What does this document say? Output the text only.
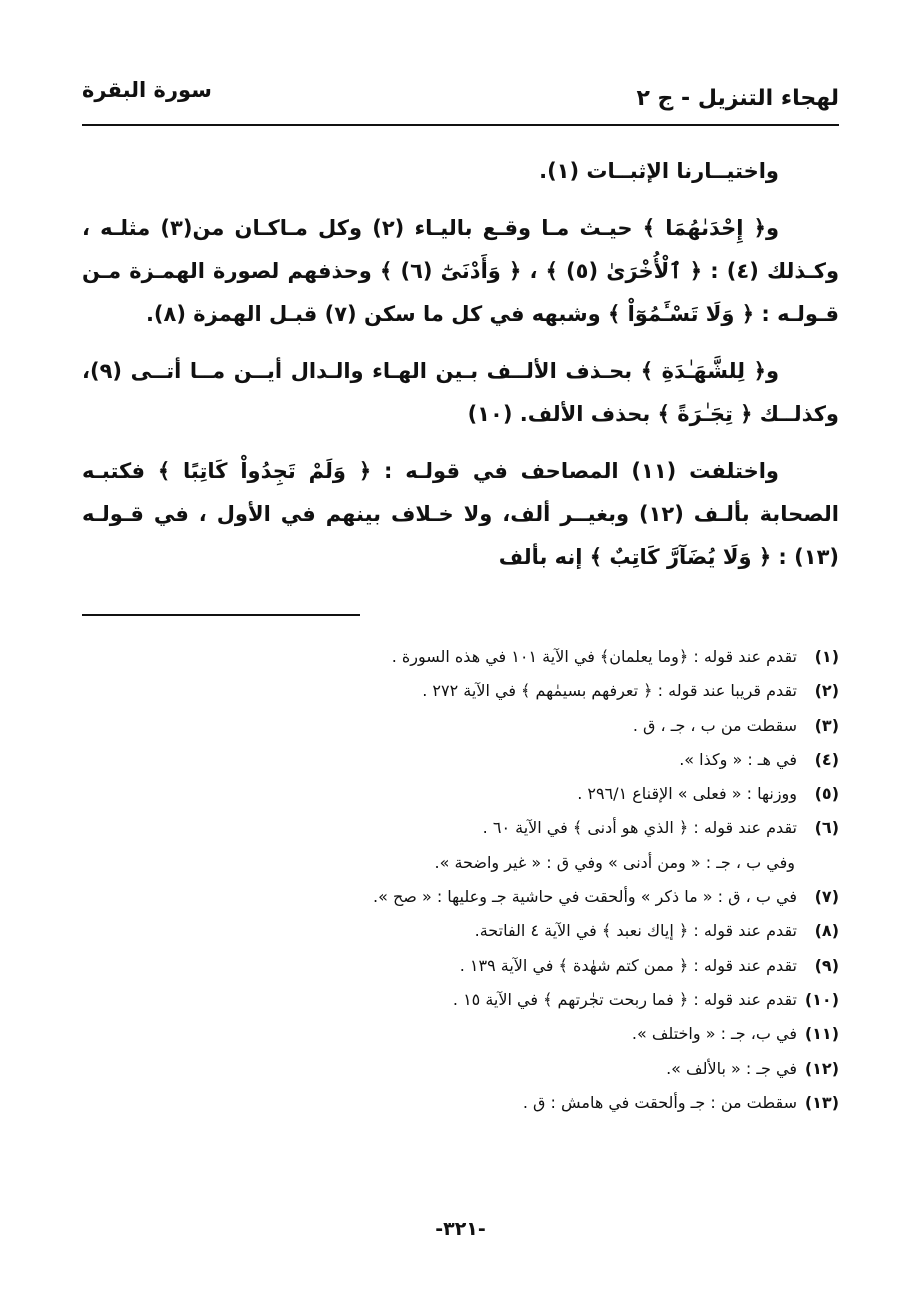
لهجاء التنزيل - ج ٢
سورة البقرة

واختيــارنا الإثبــات (١).

و﴿ إِحْدَىٰهُمَا ﴾ حيـث مـا وقـع باليـاء (٢) وكل مـاكـان من(٣) مثلـه ، وكـذلك (٤) : ﴿ ٱلْأُخْرَىٰ (٥) ﴾ ، ﴿ وَأَدْنَىٰٓ (٦) ﴾ وحذفهم لصورة الهمـزة مـن قـولـه : ﴿ وَلَا تَسْـَٔمُوٓاْ ﴾ وشبهه في كل ما سكن (٧) قبـل الهمزة (٨).

و﴿ لِلشَّهَـٰدَةِ ﴾ بحـذف الألــف بـين الهـاء والـدال أيــن مــا أتــى (٩)، وكذلــك ﴿ تِجَـٰرَةً ﴾ بحذف الألف. (١٠)

واختلفت (١١) المصاحف في قولـه : ﴿ وَلَمْ تَجِدُواْ كَاتِبًا ﴾ فكتبـه الصحابة بألـف (١٢) وبغيــر ألف، ولا خـلاف بينهم في الأول ، في قـولـه (١٣) : ﴿ وَلَا يُضَآرَّ كَاتِبٌ ﴾ إنه بألف

(١)تقدم عند قوله : ﴿وما يعلمان﴾ في الآية ١٠١ في هذه السورة .
(٢)تقدم قريبا عند قوله : ﴿ تعرفهم بسيمٰهم ﴾ في الآية ٢٧٢ .
(٣)سقطت من ب ، جـ ، ق .
(٤)في هـ : « وكذا ».
(٥)ووزنها : « فعلى » الإقناع ٢٩٦/١ .
(٦)تقدم عند قوله : ﴿ الذي هو أدنى ﴾ في الآية ٦٠ .
وفي ب ، جـ : « ومن أدنى » وفي ق : « غير واضحة ».
(٧)في ب ، ق : « ما ذكر » وألحقت في حاشية جـ وعليها : « صح ».
(٨)تقدم عند قوله : ﴿ إياك نعبد ﴾ في الآية ٤ الفاتحة.
(٩)تقدم عند قوله : ﴿ ممن كتم شهٰدة ﴾ في الآية ١٣٩ .
(١٠)تقدم عند قوله : ﴿ فما ربحت تجٰرتهم ﴾ في الآية ١٥ .
(١١)في ب، جـ : « واختلف ».
(١٢)في جـ : « بالألف ».
(١٣)سقطت من : جـ وألحقت في هامش : ق .
-٣٢١-
